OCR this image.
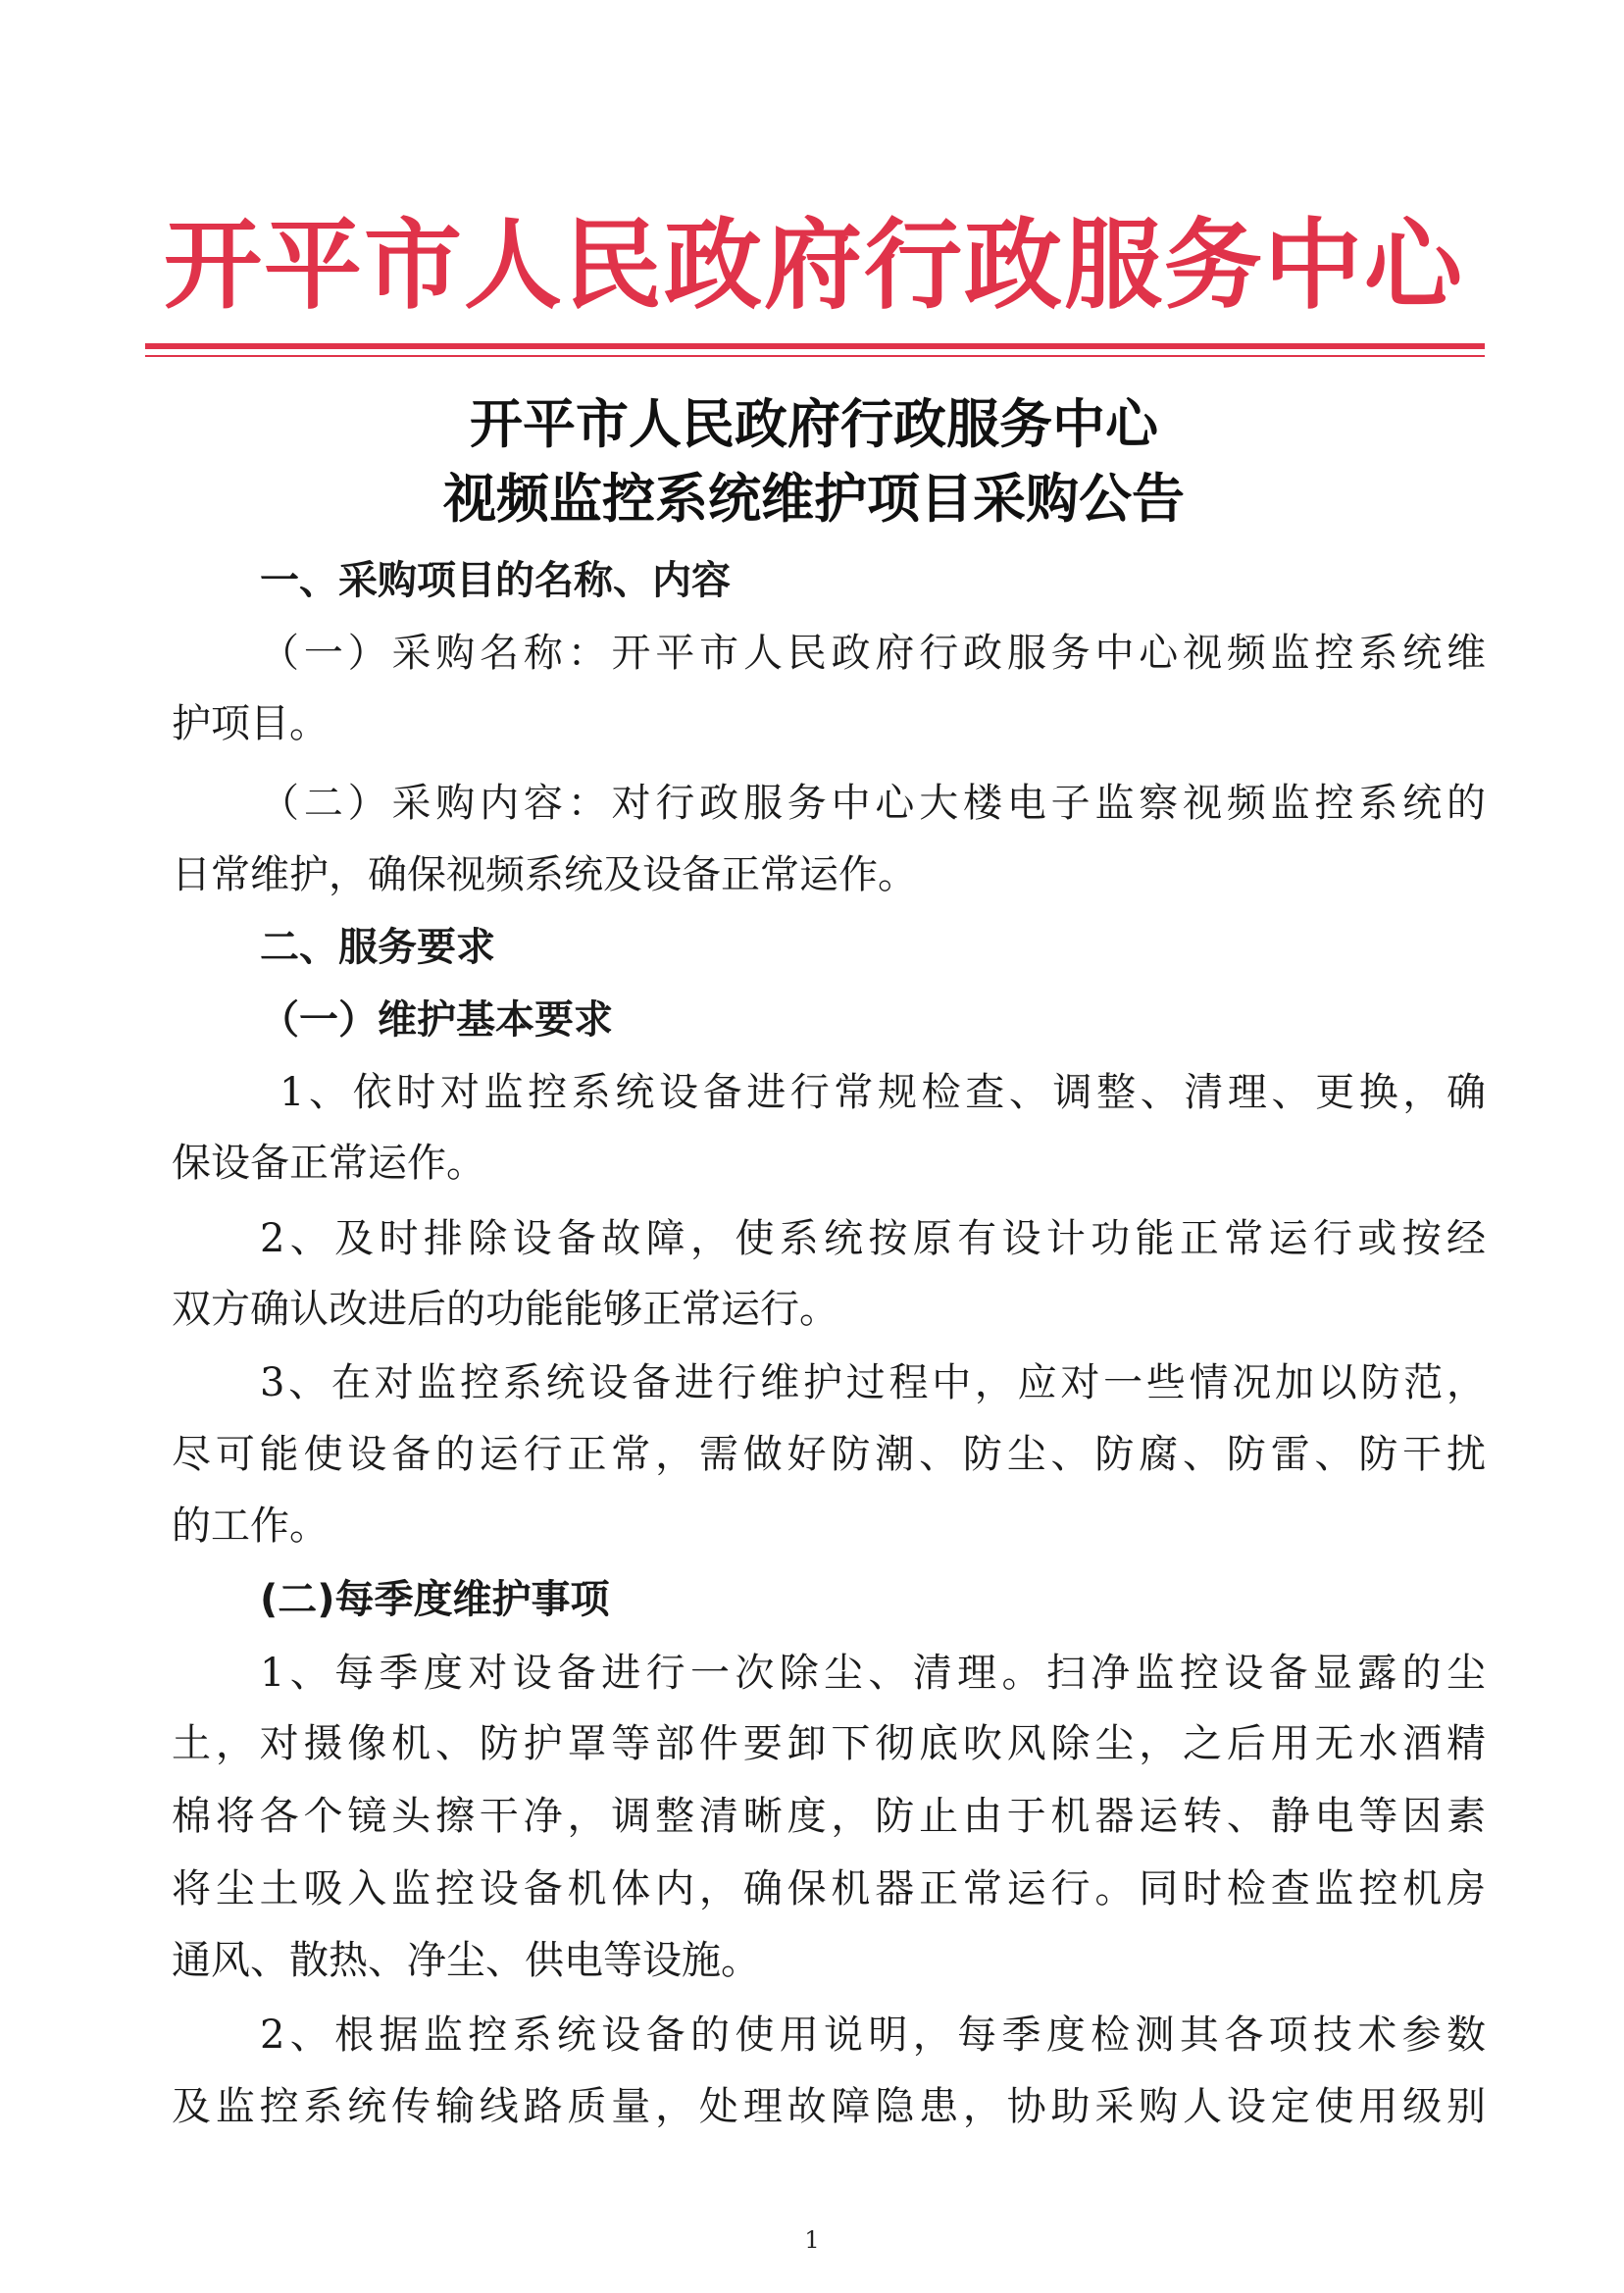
开平市人民政府行政服务中心
开平市人民政府行政服务中心
视频监控系统维护项目采购公告
一、采购项目的名称、内容
（一）采购名称：开平市人民政府行政服务中心视频监控系统维
护项目。
（二）采购内容：对行政服务中心大楼电子监察视频监控系统的
日常维护，确保视频系统及设备正常运作。
二、服务要求
（一）维护基本要求
1、依时对监控系统设备进行常规检查、调整、清理、更换，确
保设备正常运作。
2、及时排除设备故障，使系统按原有设计功能正常运行或按经
双方确认改进后的功能能够正常运行。
3、在对监控系统设备进行维护过程中，应对一些情况加以防范，
尽可能使设备的运行正常，需做好防潮、防尘、防腐、防雷、防干扰
的工作。
(二)每季度维护事项
1、每季度对设备进行一次除尘、清理。扫净监控设备显露的尘
土，对摄像机、防护罩等部件要卸下彻底吹风除尘，之后用无水酒精
棉将各个镜头擦干净，调整清晰度，防止由于机器运转、静电等因素
将尘土吸入监控设备机体内，确保机器正常运行。同时检查监控机房
通风、散热、净尘、供电等设施。
2、根据监控系统设备的使用说明，每季度检测其各项技术参数
及监控系统传输线路质量，处理故障隐患，协助采购人设定使用级别
1
